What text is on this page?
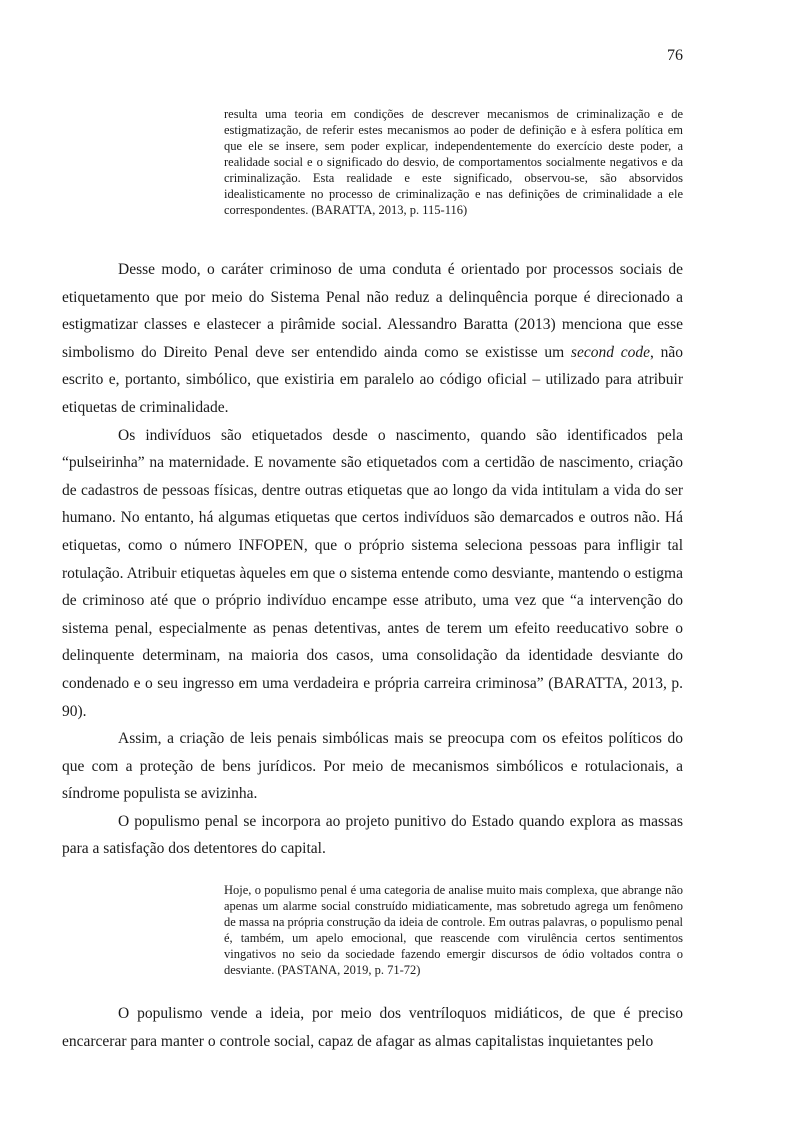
76
resulta uma teoria em condições de descrever mecanismos de criminalização e de estigmatização, de referir estes mecanismos ao poder de definição e à esfera política em que ele se insere, sem poder explicar, independentemente do exercício deste poder, a realidade social e o significado do desvio, de comportamentos socialmente negativos e da criminalização. Esta realidade e este significado, observou-se, são absorvidos idealisticamente no processo de criminalização e nas definições de criminalidade a ele correspondentes. (BARATTA, 2013, p. 115-116)

Desse modo, o caráter criminoso de uma conduta é orientado por processos sociais de etiquetamento que por meio do Sistema Penal não reduz a delinquência porque é direcionado a estigmatizar classes e elastecer a pirâmide social. Alessandro Baratta (2013) menciona que esse simbolismo do Direito Penal deve ser entendido ainda como se existisse um second code, não escrito e, portanto, simbólico, que existiria em paralelo ao código oficial – utilizado para atribuir etiquetas de criminalidade.

Os indivíduos são etiquetados desde o nascimento, quando são identificados pela “pulseirinha” na maternidade. E novamente são etiquetados com a certidão de nascimento, criação de cadastros de pessoas físicas, dentre outras etiquetas que ao longo da vida intitulam a vida do ser humano. No entanto, há algumas etiquetas que certos indivíduos são demarcados e outros não. Há etiquetas, como o número INFOPEN, que o próprio sistema seleciona pessoas para infligir tal rotulação. Atribuir etiquetas àqueles em que o sistema entende como desviante, mantendo o estigma de criminoso até que o próprio indivíduo encampe esse atributo, uma vez que “a intervenção do sistema penal, especialmente as penas detentivas, antes de terem um efeito reeducativo sobre o delinquente determinam, na maioria dos casos, uma consolidação da identidade desviante do condenado e o seu ingresso em uma verdadeira e própria carreira criminosa” (BARATTA, 2013, p. 90).

Assim, a criação de leis penais simbólicas mais se preocupa com os efeitos políticos do que com a proteção de bens jurídicos. Por meio de mecanismos simbólicos e rotulacionais, a síndrome populista se avizinha.

O populismo penal se incorpora ao projeto punitivo do Estado quando explora as massas para a satisfação dos detentores do capital.

Hoje, o populismo penal é uma categoria de analise muito mais complexa, que abrange não apenas um alarme social construído midiaticamente, mas sobretudo agrega um fenômeno de massa na própria construção da ideia de controle. Em outras palavras, o populismo penal é, também, um apelo emocional, que reascende com virulência certos sentimentos vingativos no seio da sociedade fazendo emergir discursos de ódio voltados contra o desviante. (PASTANA, 2019, p. 71-72)

O populismo vende a ideia, por meio dos ventríloquos midiáticos, de que é preciso encarcerar para manter o controle social, capaz de afagar as almas capitalistas inquietantes pelo
